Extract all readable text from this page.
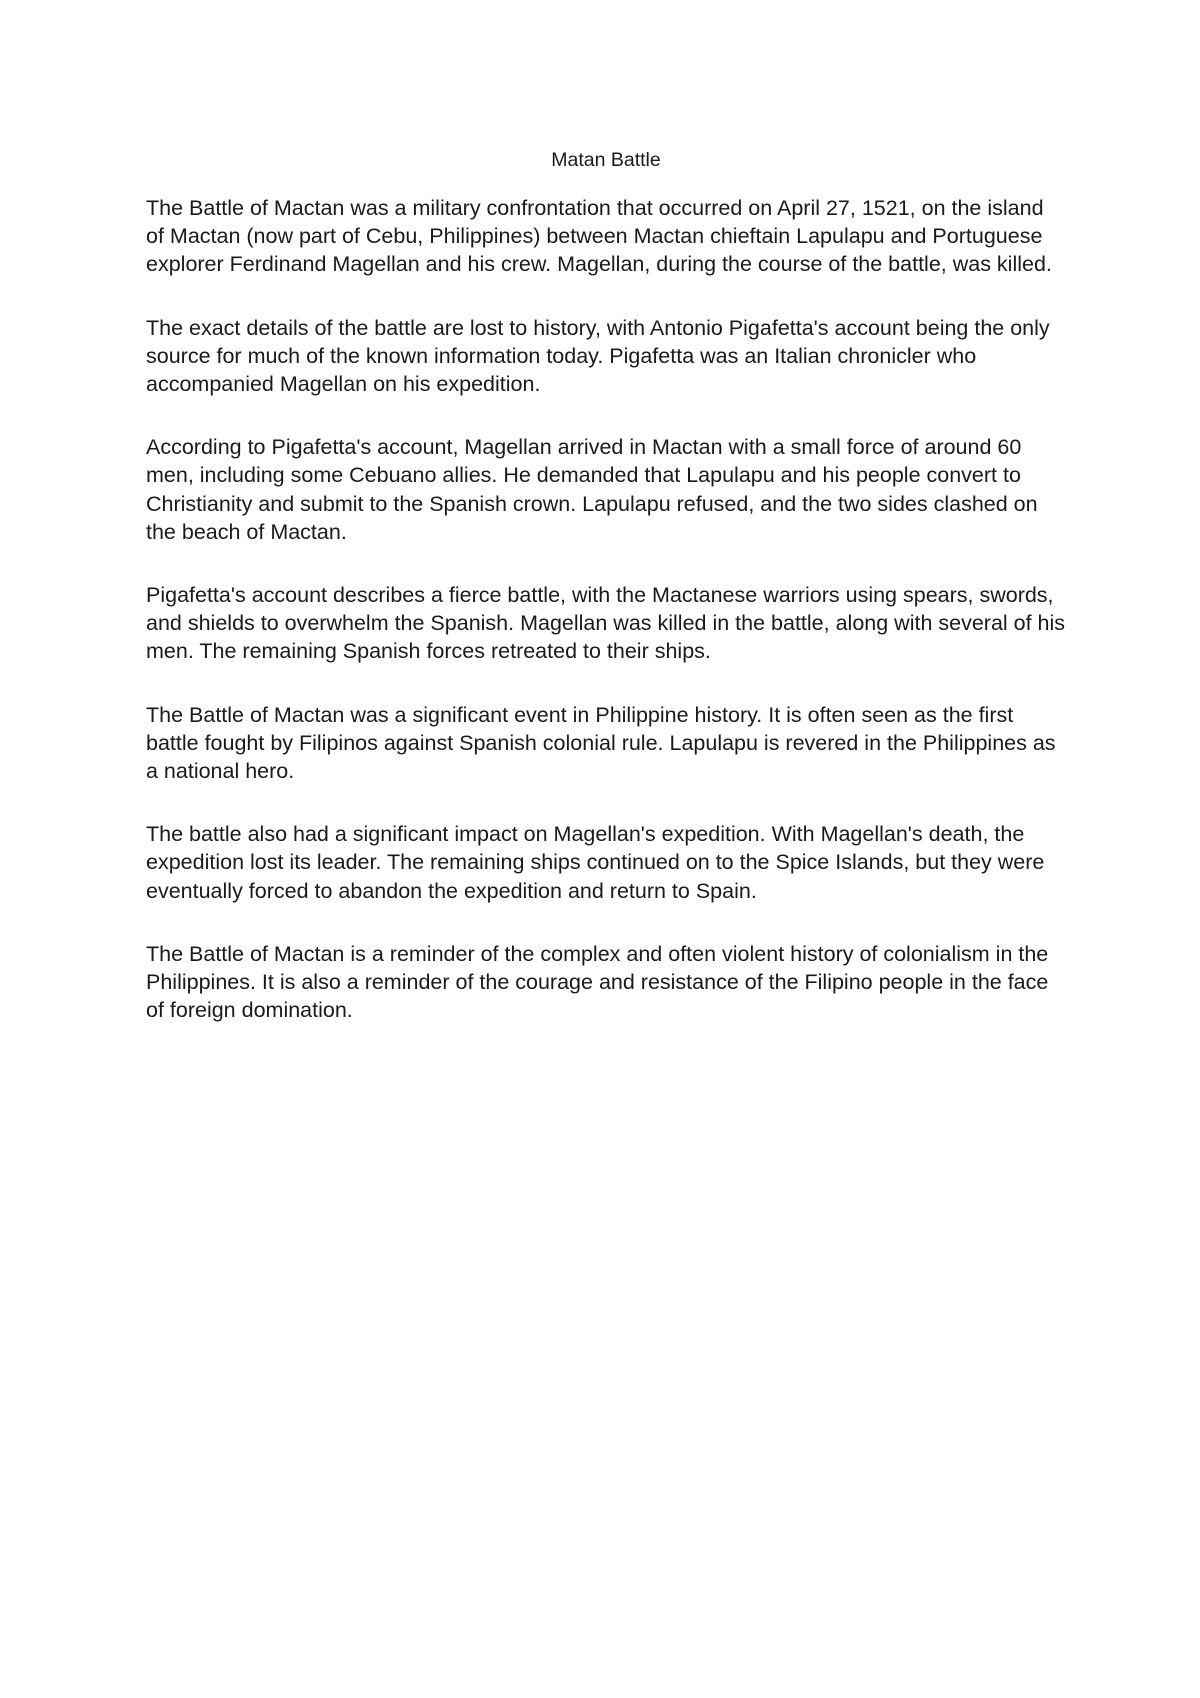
Matan Battle

The Battle of Mactan was a military confrontation that occurred on April 27, 1521, on the island of Mactan (now part of Cebu, Philippines) between Mactan chieftain Lapulapu and Portuguese explorer Ferdinand Magellan and his crew. Magellan, during the course of the battle, was killed.

The exact details of the battle are lost to history, with Antonio Pigafetta's account being the only source for much of the known information today. Pigafetta was an Italian chronicler who accompanied Magellan on his expedition.

According to Pigafetta's account, Magellan arrived in Mactan with a small force of around 60 men, including some Cebuano allies. He demanded that Lapulapu and his people convert to Christianity and submit to the Spanish crown. Lapulapu refused, and the two sides clashed on the beach of Mactan.

Pigafetta's account describes a fierce battle, with the Mactanese warriors using spears, swords, and shields to overwhelm the Spanish. Magellan was killed in the battle, along with several of his men. The remaining Spanish forces retreated to their ships.

The Battle of Mactan was a significant event in Philippine history. It is often seen as the first battle fought by Filipinos against Spanish colonial rule. Lapulapu is revered in the Philippines as a national hero.

The battle also had a significant impact on Magellan's expedition. With Magellan's death, the expedition lost its leader. The remaining ships continued on to the Spice Islands, but they were eventually forced to abandon the expedition and return to Spain.

The Battle of Mactan is a reminder of the complex and often violent history of colonialism in the Philippines. It is also a reminder of the courage and resistance of the Filipino people in the face of foreign domination.
